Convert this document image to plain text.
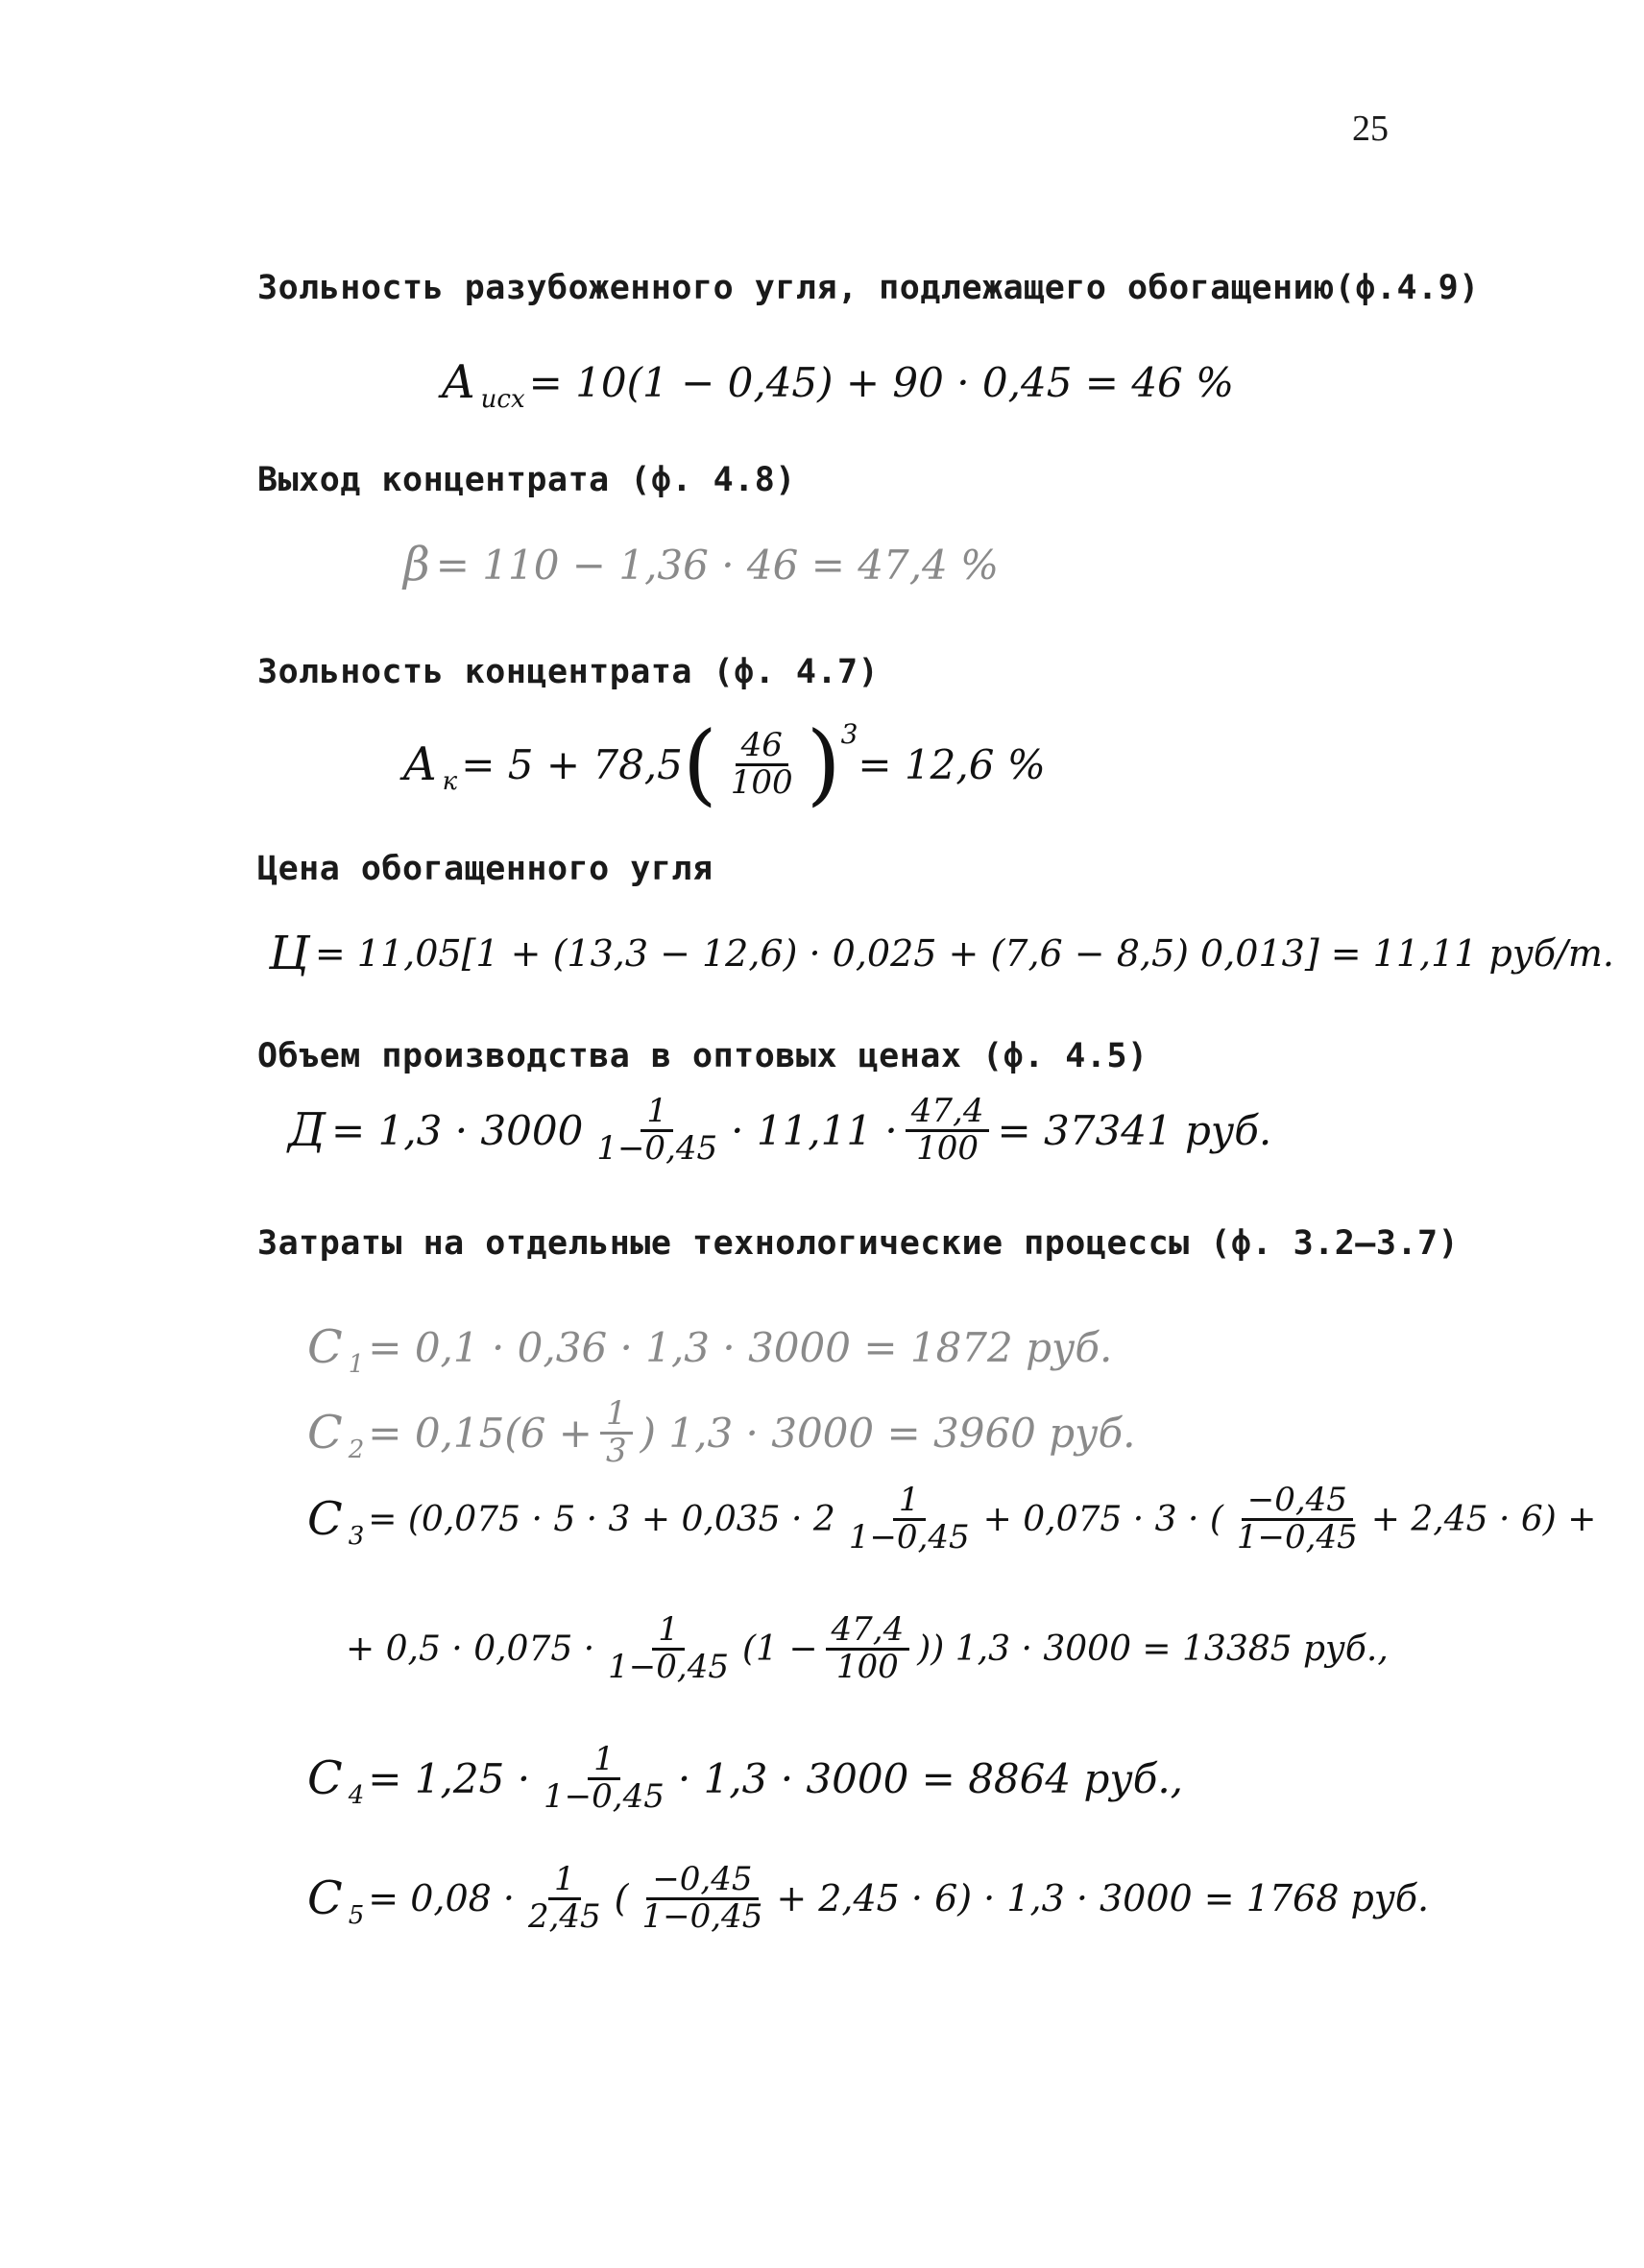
25
Зольность разубоженного угля, подлежащего обогащению(ф.4.9)
A исх = 10(1 − 0,45) + 90 · 0,45 = 46 %
Выход концентрата (ф. 4.8)
β = 110 − 1,36 · 46 = 47,4 %
Зольность концентрата (ф. 4.7)
A к = 5 + 78,5 ( $\frac{46}{100}$ ) 3
= 12,6 %
Цена обогащенного угля
Ц = 11,05[1 + (13,3 − 12,6) · 0,025 + (7,6 − 8,5) 0,013] = 11,11 руб/т.
Объем производства в оптовых ценах (ф. 4.5)
$Д = 1,3 \cdot 3000 \frac{1}{1-0,45} \cdot 11,11 \cdot \frac{47,4}{100} = 37341$ руб.
Затраты на отдельные технологические процессы (ф. 3.2–3.7)
C 1 = 0,1 · 0,36 · 1,3 · 3000 = 1872 руб.
C $2 = 0,15(6 + \frac{1}{3}$ ) 1,3 · 3000 = 3960 руб.
C $3 = (0,075 \cdot 5 \cdot 3 + 0,035 \cdot 2 \frac{1}{1-0,45} + 0,075 \cdot 3$ · ( $\frac{-0,45}{1-0,45} + 2,45 \cdot 6$) +
+ $0,5 \cdot 0,075 \cdot \frac{1}{1-0,45} (1 - \frac{47,4}{100}$ )) 1,3 · 3000 = 13385 руб.,
C $4 = 1,25 \cdot \frac{1}{1-0,45} \cdot 1,3 \cdot 3000 = 8864$ руб.,
C $5 = 0,08 \cdot \frac{1}{2,45}$ ( $\frac{-0,45}{1-0,45} + 2,45 \cdot 6) \cdot 1,3 \cdot 3000 = 1768$ руб.
